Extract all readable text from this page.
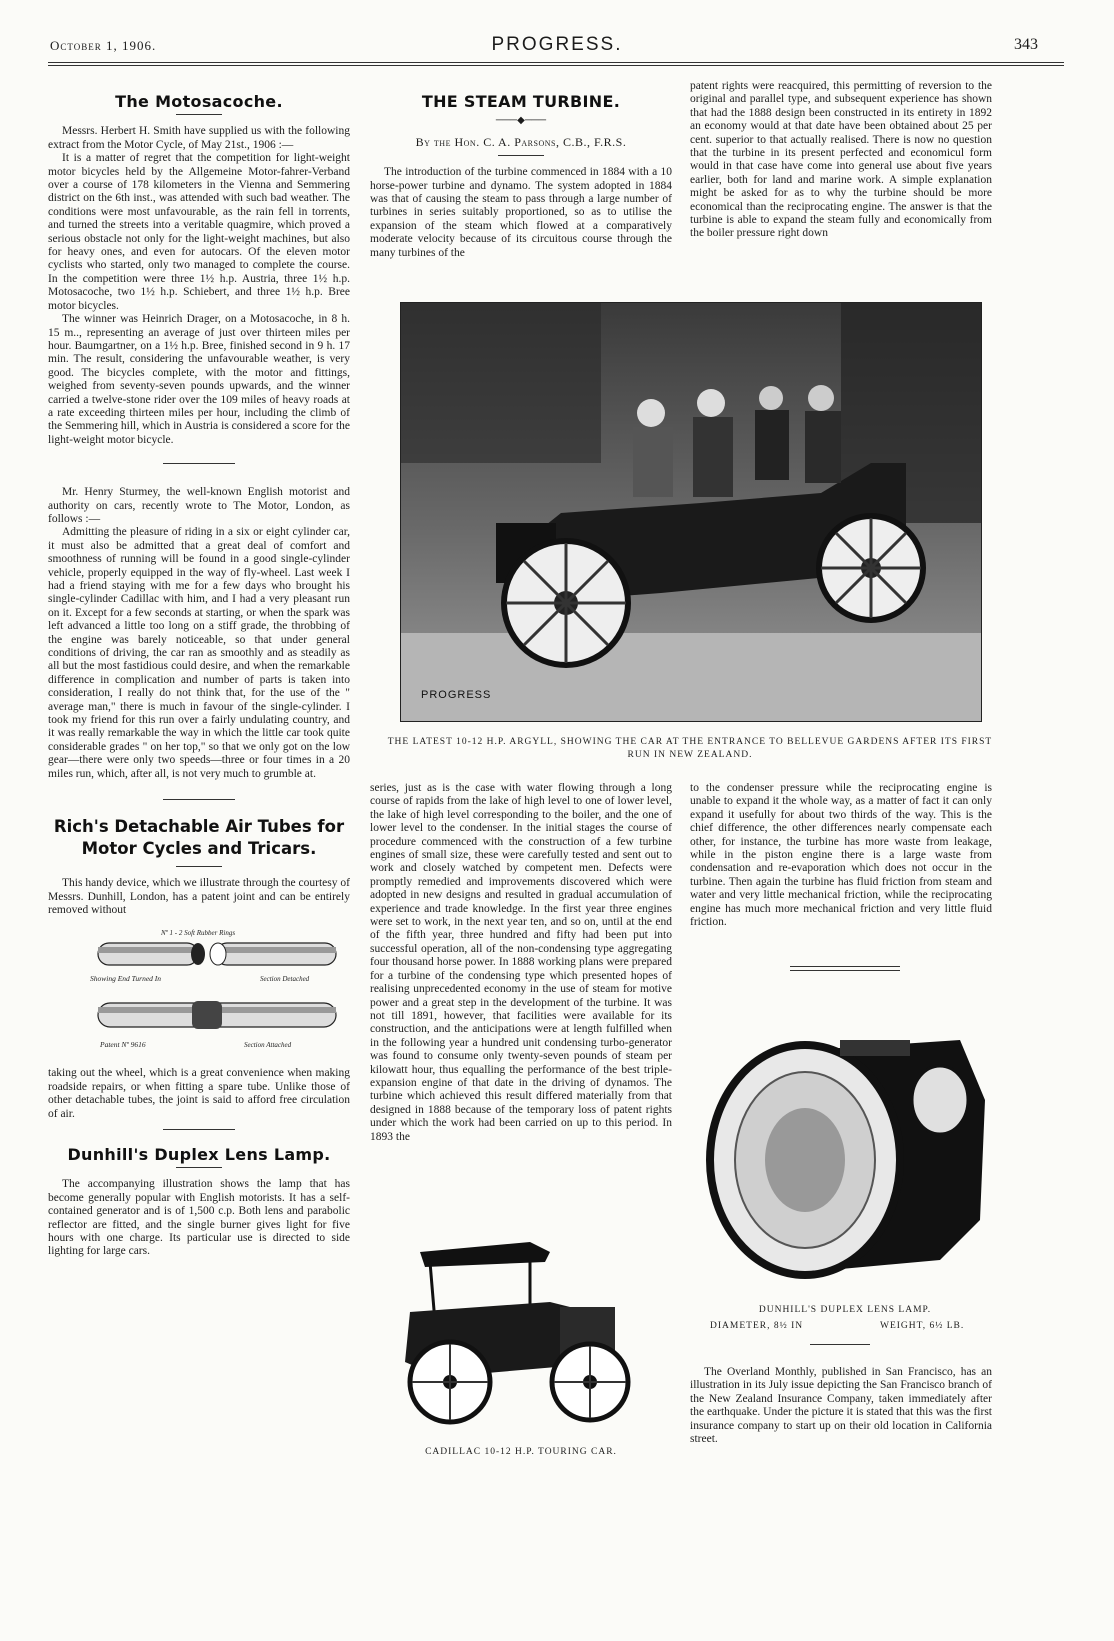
October 1, 1906.	PROGRESS.	343
The Motosacoche.

Messrs. Herbert H. Smith have supplied us with the following extract from the Motor Cycle, of May 21st., 1906 :—

It is a matter of regret that the competition for light-weight motor bicycles held by the Allgemeine Motor-fahrer-Verband over a course of 178 kilometers in the Vienna and Semmering district on the 6th inst., was attended with such bad weather. The conditions were most unfavourable, as the rain fell in torrents, and turned the streets into a veritable quagmire, which proved a serious obstacle not only for the light-weight machines, but also for heavy ones, and even for autocars. Of the eleven motor cyclists who started, only two managed to complete the course. In the competition were three 1½ h.p. Austria, three 1½ h.p. Motosacoche, two 1½ h.p. Schiebert, and three 1½ h.p. Bree motor bicycles.

The winner was Heinrich Drager, on a Motosacoche, in 8 h. 15 m.., representing an average of just over thirteen miles per hour. Baumgartner, on a 1½ h.p. Bree, finished second in 9 h. 17 min. The result, considering the unfavourable weather, is very good. The bicycles complete, with the motor and fittings, weighed from seventy-seven pounds upwards, and the winner carried a twelve-stone rider over the 109 miles of heavy roads at a rate exceeding thirteen miles per hour, including the climb of the Semmering hill, which in Austria is considered a score for the light-weight motor bicycle.

Mr. Henry Sturmey, the well-known English motorist and authority on cars, recently wrote to The Motor, London, as follows :—

Admitting the pleasure of riding in a six or eight cylinder car, it must also be admitted that a great deal of comfort and smoothness of running will be found in a good single-cylinder vehicle, properly equipped in the way of fly-wheel. Last week I had a friend staying with me for a few days who brought his single-cylinder Cadillac with him, and I had a very pleasant run on it. Except for a few seconds at starting, or when the spark was left advanced a little too long on a stiff grade, the throbbing of the engine was barely noticeable, so that under general conditions of driving, the car ran as smoothly and as steadily as all but the most fastidious could desire, and when the remarkable difference in complication and number of parts is taken into consideration, I really do not think that, for the use of the " average man," there is much in favour of the single-cylinder. I took my friend for this run over a fairly undulating country, and it was really remarkable the way in which the little car took quite considerable grades " on her top," so that we only got on the low gear—there were only two speeds—three or four times in a 20 miles run, which, after all, is not very much to grumble at.

Rich's Detachable Air Tubes for Motor Cycles and Tricars.

This handy device, which we illustrate through the courtesy of Messrs. Dunhill, London, has a patent joint and can be entirely removed without

Nº 1 - 2 Soft Rubber Rings
Showing End Turned In	Section Detached
Patent Nº 9616	Section Attached

taking out the wheel, which is a great convenience when making roadside repairs, or when fitting a spare tube. Unlike those of other detachable tubes, the joint is said to afford free circulation of air.

Dunhill's Duplex Lens Lamp.

The accompanying illustration shows the lamp that has become generally popular with English motorists. It has a self-contained generator and is of 1,500 c.p. Both lens and parabolic reflector are fitted, and the single burner gives light for five hours with one charge. Its particular use is directed to side lighting for large cars.

THE STEAM TURBINE.
───◆───
By the Hon. C. A. Parsons, C.B., F.R.S.

The introduction of the turbine commenced in 1884 with a 10 horse-power turbine and dynamo. The system adopted in 1884 was that of causing the steam to pass through a large number of turbines in series suitably proportioned, so as to utilise the expansion of the steam which flowed at a comparatively moderate velocity because of its circuitous course through the many turbines of the

patent rights were reacquired, this permitting of reversion to the original and parallel type, and subsequent experience has shown that had the 1888 design been constructed in its entirety in 1892 an economy would at that date have been obtained about 25 per cent. superior to that actually realised. There is now no question that the turbine in its present perfected and economicul form would in that case have come into general use about five years earlier, both for land and marine work. A simple explanation might be asked for as to why the turbine should be more economical than the reciprocating engine. The answer is that the turbine is able to expand the steam fully and economically from the boiler pressure right down

PROGRESS
THE LATEST 10-12 H.P. ARGYLL, SHOWING THE CAR AT THE ENTRANCE TO BELLEVUE GARDENS AFTER ITS FIRST RUN IN NEW ZEALAND.

series, just as is the case with water flowing through a long course of rapids from the lake of high level to one of lower level, the lake of high level corresponding to the boiler, and the one of lower level to the condenser. In the initial stages the course of procedure commenced with the construction of a few turbine engines of small size, these were carefully tested and sent out to work and closely watched by competent men. Defects were promptly remedied and improvements discovered which were adopted in new designs and resulted in gradual accumulation of experience and trade knowledge. In the first year three engines were set to work, in the next year ten, and so on, until at the end of the fifth year, three hundred and fifty had been put into successful operation, all of the non-condensing type aggregating four thousand horse power. In 1888 working plans were prepared for a turbine of the condensing type which presented hopes of realising unprecedented economy in the use of steam for motive power and a great step in the development of the turbine. It was not till 1891, however, that facilities were available for its construction, and the anticipations were at length fulfilled when in the following year a hundred unit condensing turbo-generator was found to consume only twenty-seven pounds of steam per kilowatt hour, thus equalling the performance of the best triple-expansion engine of that date in the driving of dynamos. The turbine which achieved this result differed materially from that designed in 1888 because of the temporary loss of patent rights under which the work had been carried on up to this period. In 1893 the

CADILLAC 10-12 H.P. TOURING CAR.

to the condenser pressure while the reciprocating engine is unable to expand it the whole way, as a matter of fact it can only expand it usefully for about two thirds of the way. This is the chief difference, the other differences nearly compensate each other, for instance, the turbine has more waste from leakage, while in the piston engine there is a large waste from condensation and re-evaporation which does not occur in the turbine. Then again the turbine has fluid friction from steam and water and very little mechanical friction, while the reciprocating engine has much more mechanical friction and very little fluid friction.

DUNHILL'S DUPLEX LENS LAMP.
DIAMETER, 8½ IN	WEIGHT, 6½ LB.

The Overland Monthly, published in San Francisco, has an illustration in its July issue depicting the San Francisco branch of the New Zealand Insurance Company, taken immediately after the earthquake. Under the picture it is stated that this was the first insurance company to start up on their old location in California street.
